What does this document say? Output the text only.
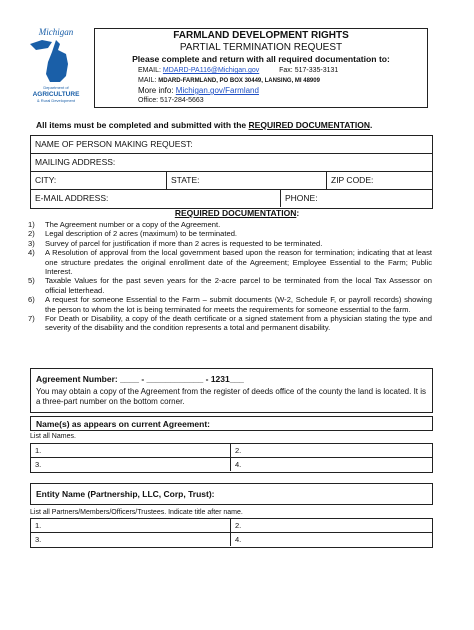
Michigan
Department of
AGRICULTURE
& Rural Development
FARMLAND DEVELOPMENT RIGHTS
PARTIAL TERMINATION REQUEST
Please complete and return with all required documentation to:
EMAIL: MDARD-PA116@Michigan.gov	Fax: 517-335-3131
MAIL: MDARD-FARMLAND, PO BOX 30449, LANSING, MI 48909
More info: Michigan.gov/Farmland
Office: 517-284-5663
All items must be completed and submitted with the REQUIRED DOCUMENTATION.
NAME OF PERSON MAKING REQUEST:
MAILING ADDRESS:
CITY:	STATE:	ZIP CODE:
E-MAIL ADDRESS:	PHONE:
REQUIRED DOCUMENTATION:
1) The Agreement number or a copy of the Agreement.
2) Legal description of 2 acres (maximum) to be terminated.
3) Survey of parcel for justification if more than 2 acres is requested to be terminated.
4) A Resolution of approval from the local government based upon the reason for termination; indicating that at least one structure predates the original enrollment date of the Agreement; Employee Essential to the Farm; Public Interest.
5) Taxable Values for the past seven years for the 2-acre parcel to be terminated from the local Tax Assessor on official letterhead.
6) A request for someone Essential to the Farm – submit documents (W-2, Schedule F, or payroll records) showing the person to whom the lot is being terminated for meets the requirements for someone essential to the farm.
7) For Death or Disability, a copy of the death certificate or a signed statement from a physician stating the type and severity of the disability and the condition represents a total and permanent disability.
Agreement Number: ____ - ____________ - 1231___
You may obtain a copy of the Agreement from the register of deeds office of the county the land is located. It is a three-part number on the bottom corner.
Name(s) as appears on current Agreement:
List all Names.
1.	2.
3.	4.
Entity Name (Partnership, LLC, Corp, Trust):
List all Partners/Members/Officers/Trustees. Indicate title after name.
1.	2.
3.	4.
